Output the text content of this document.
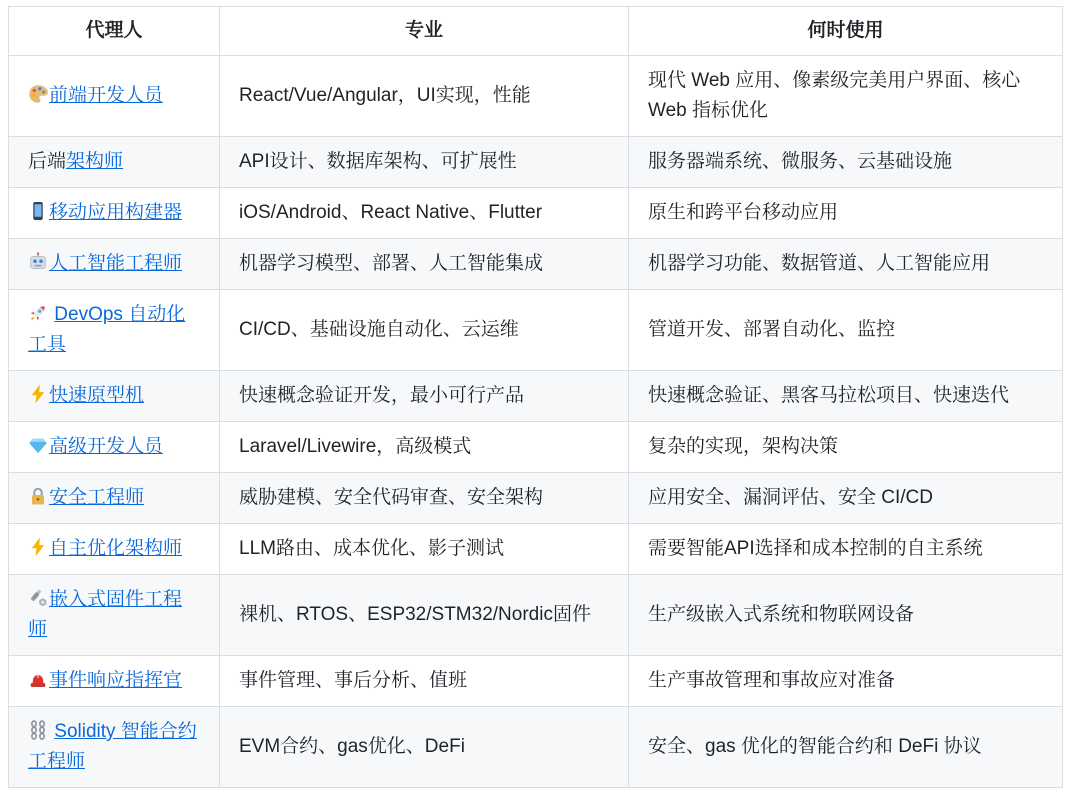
代理人	专业	何时使用
前端开发人员	React/Vue/Angular，UI实现，性能	现代 Web 应用、像素级完美用户界面、核心 Web 指标优化
后端架构师	API设计、数据库架构、可扩展性	服务器端系统、微服务、云基础设施
移动应用构建器	iOS/Android、React Native、Flutter	原生和跨平台移动应用
人工智能工程师	机器学习模型、部署、人工智能集成	机器学习功能、数据管道、人工智能应用
DevOps 自动化工具	CI/CD、基础设施自动化、云运维	管道开发、部署自动化、监控
快速原型机	快速概念验证开发，最小可行产品	快速概念验证、黑客马拉松项目、快速迭代
高级开发人员	Laravel/Livewire，高级模式	复杂的实现，架构决策
安全工程师	威胁建模、安全代码审查、安全架构	应用安全、漏洞评估、安全 CI/CD
自主优化架构师	LLM路由、成本优化、影子测试	需要智能API选择和成本控制的自主系统
嵌入式固件工程师	裸机、RTOS、ESP32/STM32/Nordic固件	生产级嵌入式系统和物联网设备
事件响应指挥官	事件管理、事后分析、值班	生产事故管理和事故应对准备
Solidity 智能合约工程师	EVM合约、gas优化、DeFi	安全、gas 优化的智能合约和 DeFi 协议
